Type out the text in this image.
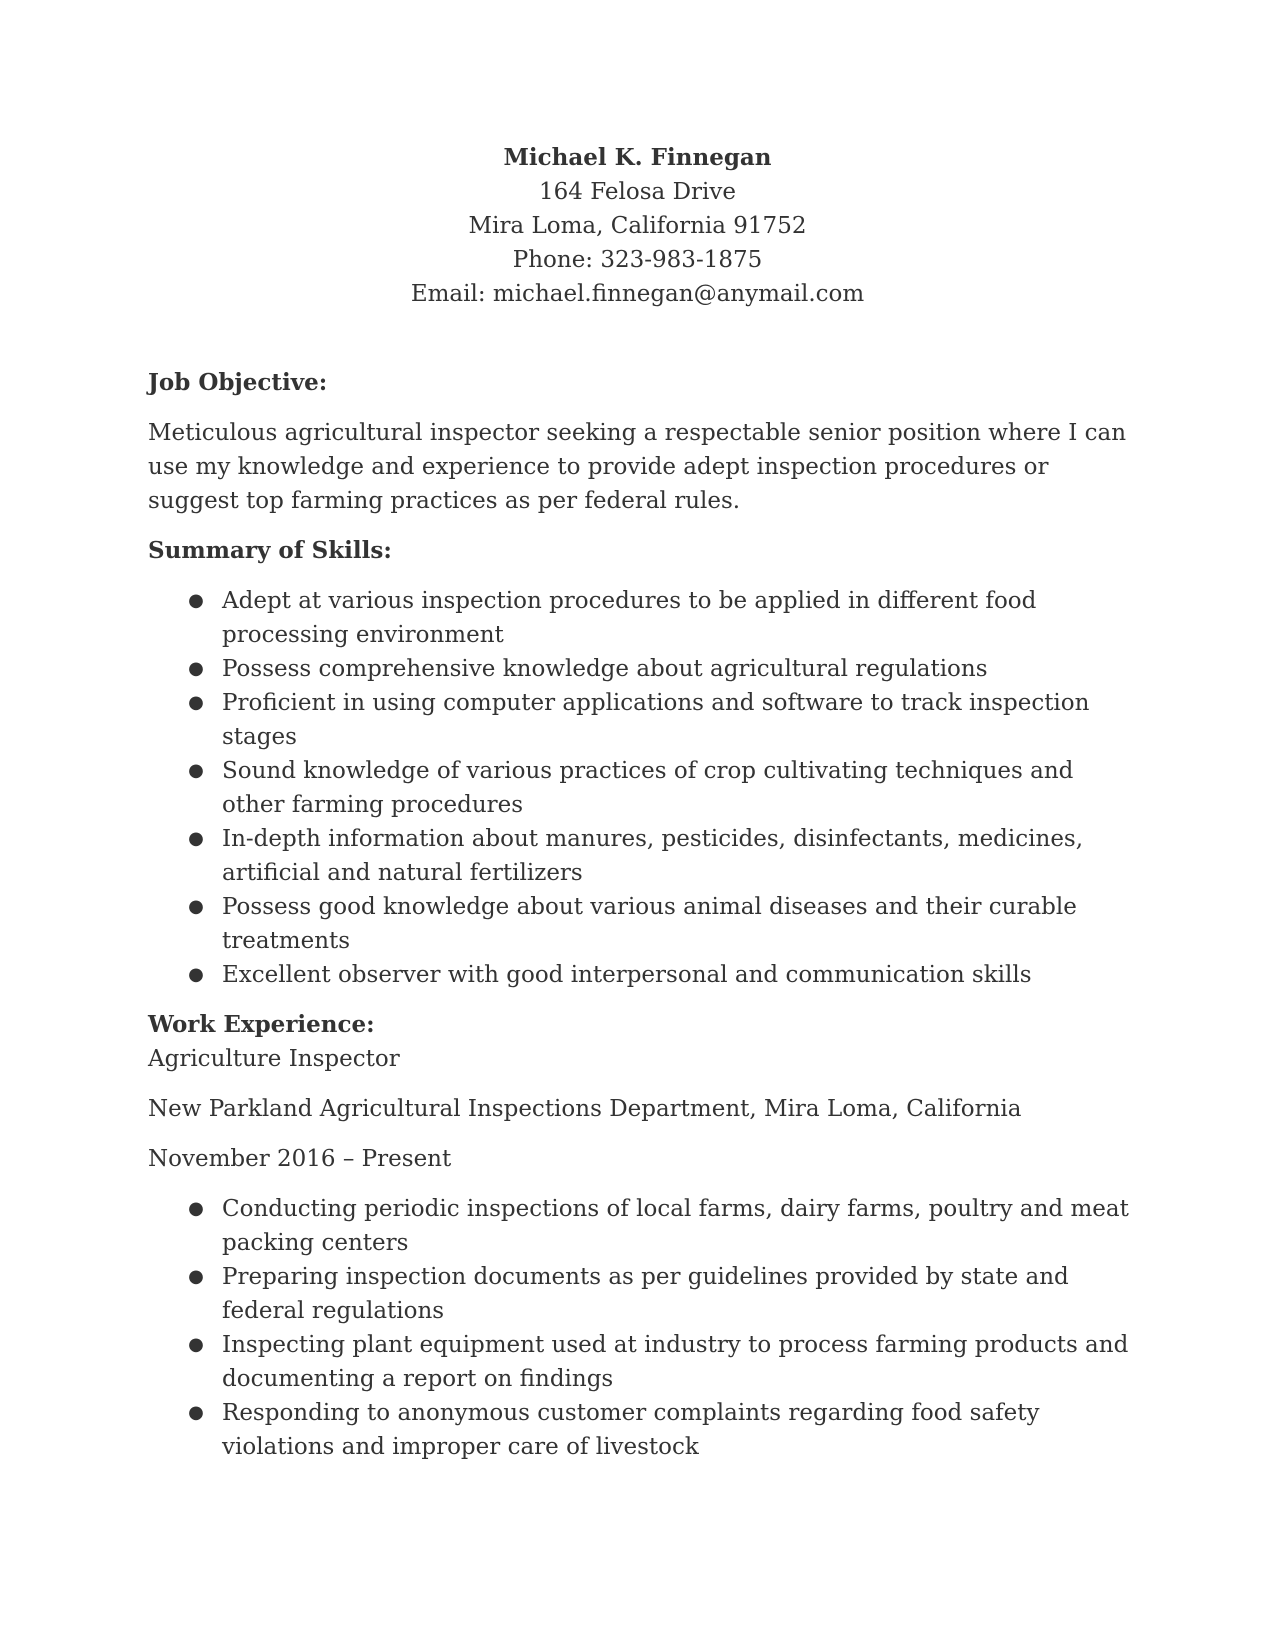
Michael K. Finnegan
164 Felosa Drive
Mira Loma, California 91752
Phone: 323-983-1875
Email: michael.finnegan@anymail.com

Job Objective:

Meticulous agricultural inspector seeking a respectable senior position where I can use my knowledge and experience to provide adept inspection procedures or suggest top farming practices as per federal rules.

Summary of Skills:

● Adept at various inspection procedures to be applied in different food processing environment
● Possess comprehensive knowledge about agricultural regulations
● Proficient in using computer applications and software to track inspection stages
● Sound knowledge of various practices of crop cultivating techniques and other farming procedures
● In-depth information about manures, pesticides, disinfectants, medicines, artificial and natural fertilizers
● Possess good knowledge about various animal diseases and their curable treatments
● Excellent observer with good interpersonal and communication skills

Work Experience:

Agriculture Inspector

New Parkland Agricultural Inspections Department, Mira Loma, California

November 2016 – Present

● Conducting periodic inspections of local farms, dairy farms, poultry and meat packing centers
● Preparing inspection documents as per guidelines provided by state and federal regulations
● Inspecting plant equipment used at industry to process farming products and documenting a report on findings
● Responding to anonymous customer complaints regarding food safety violations and improper care of livestock
